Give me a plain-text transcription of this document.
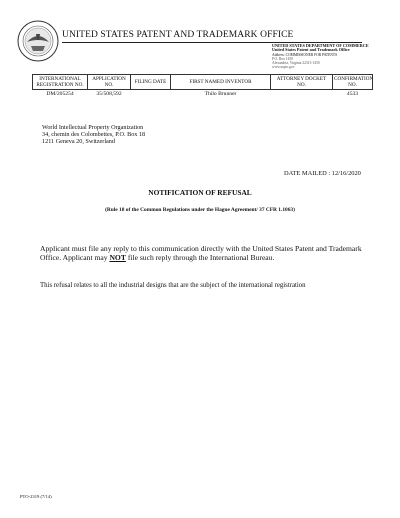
UNITED STATES PATENT AND TRADEMARK OFFICE
UNITED STATES DEPARTMENT OF COMMERCE
United States Patent and Trademark Office
Address: COMMISSIONER FOR PATENTS
P.O. Box 1450
Alexandria, Virginia 22313-1450
www.uspto.gov
INTERNATIONAL REGISTRATION NO.	APPLICATION NO.	FILING DATE	FIRST NAMED INVENTOR	ATTORNEY DOCKET NO.	CONFIRMATION NO.
DM/205254	35/508,592		Thilo Brunner		4533
World Intellectual Property Organization
34, chemin des Colombettes, P.O. Box 18
1211 Geneva 20, Switzerland
DATE MAILED : 12/16/2020
NOTIFICATION OF REFUSAL
(Rule 18 of the Common Regulations under the Hague Agreement/ 37 CFR 1.1063)
Applicant must file any reply to this communication directly with the United States Patent and Trademark Office. Applicant may NOT file such reply through the International Bureau.
This refusal relates to all the industrial designs that are the subject of the international registration
PTO-2319 (7/14)
